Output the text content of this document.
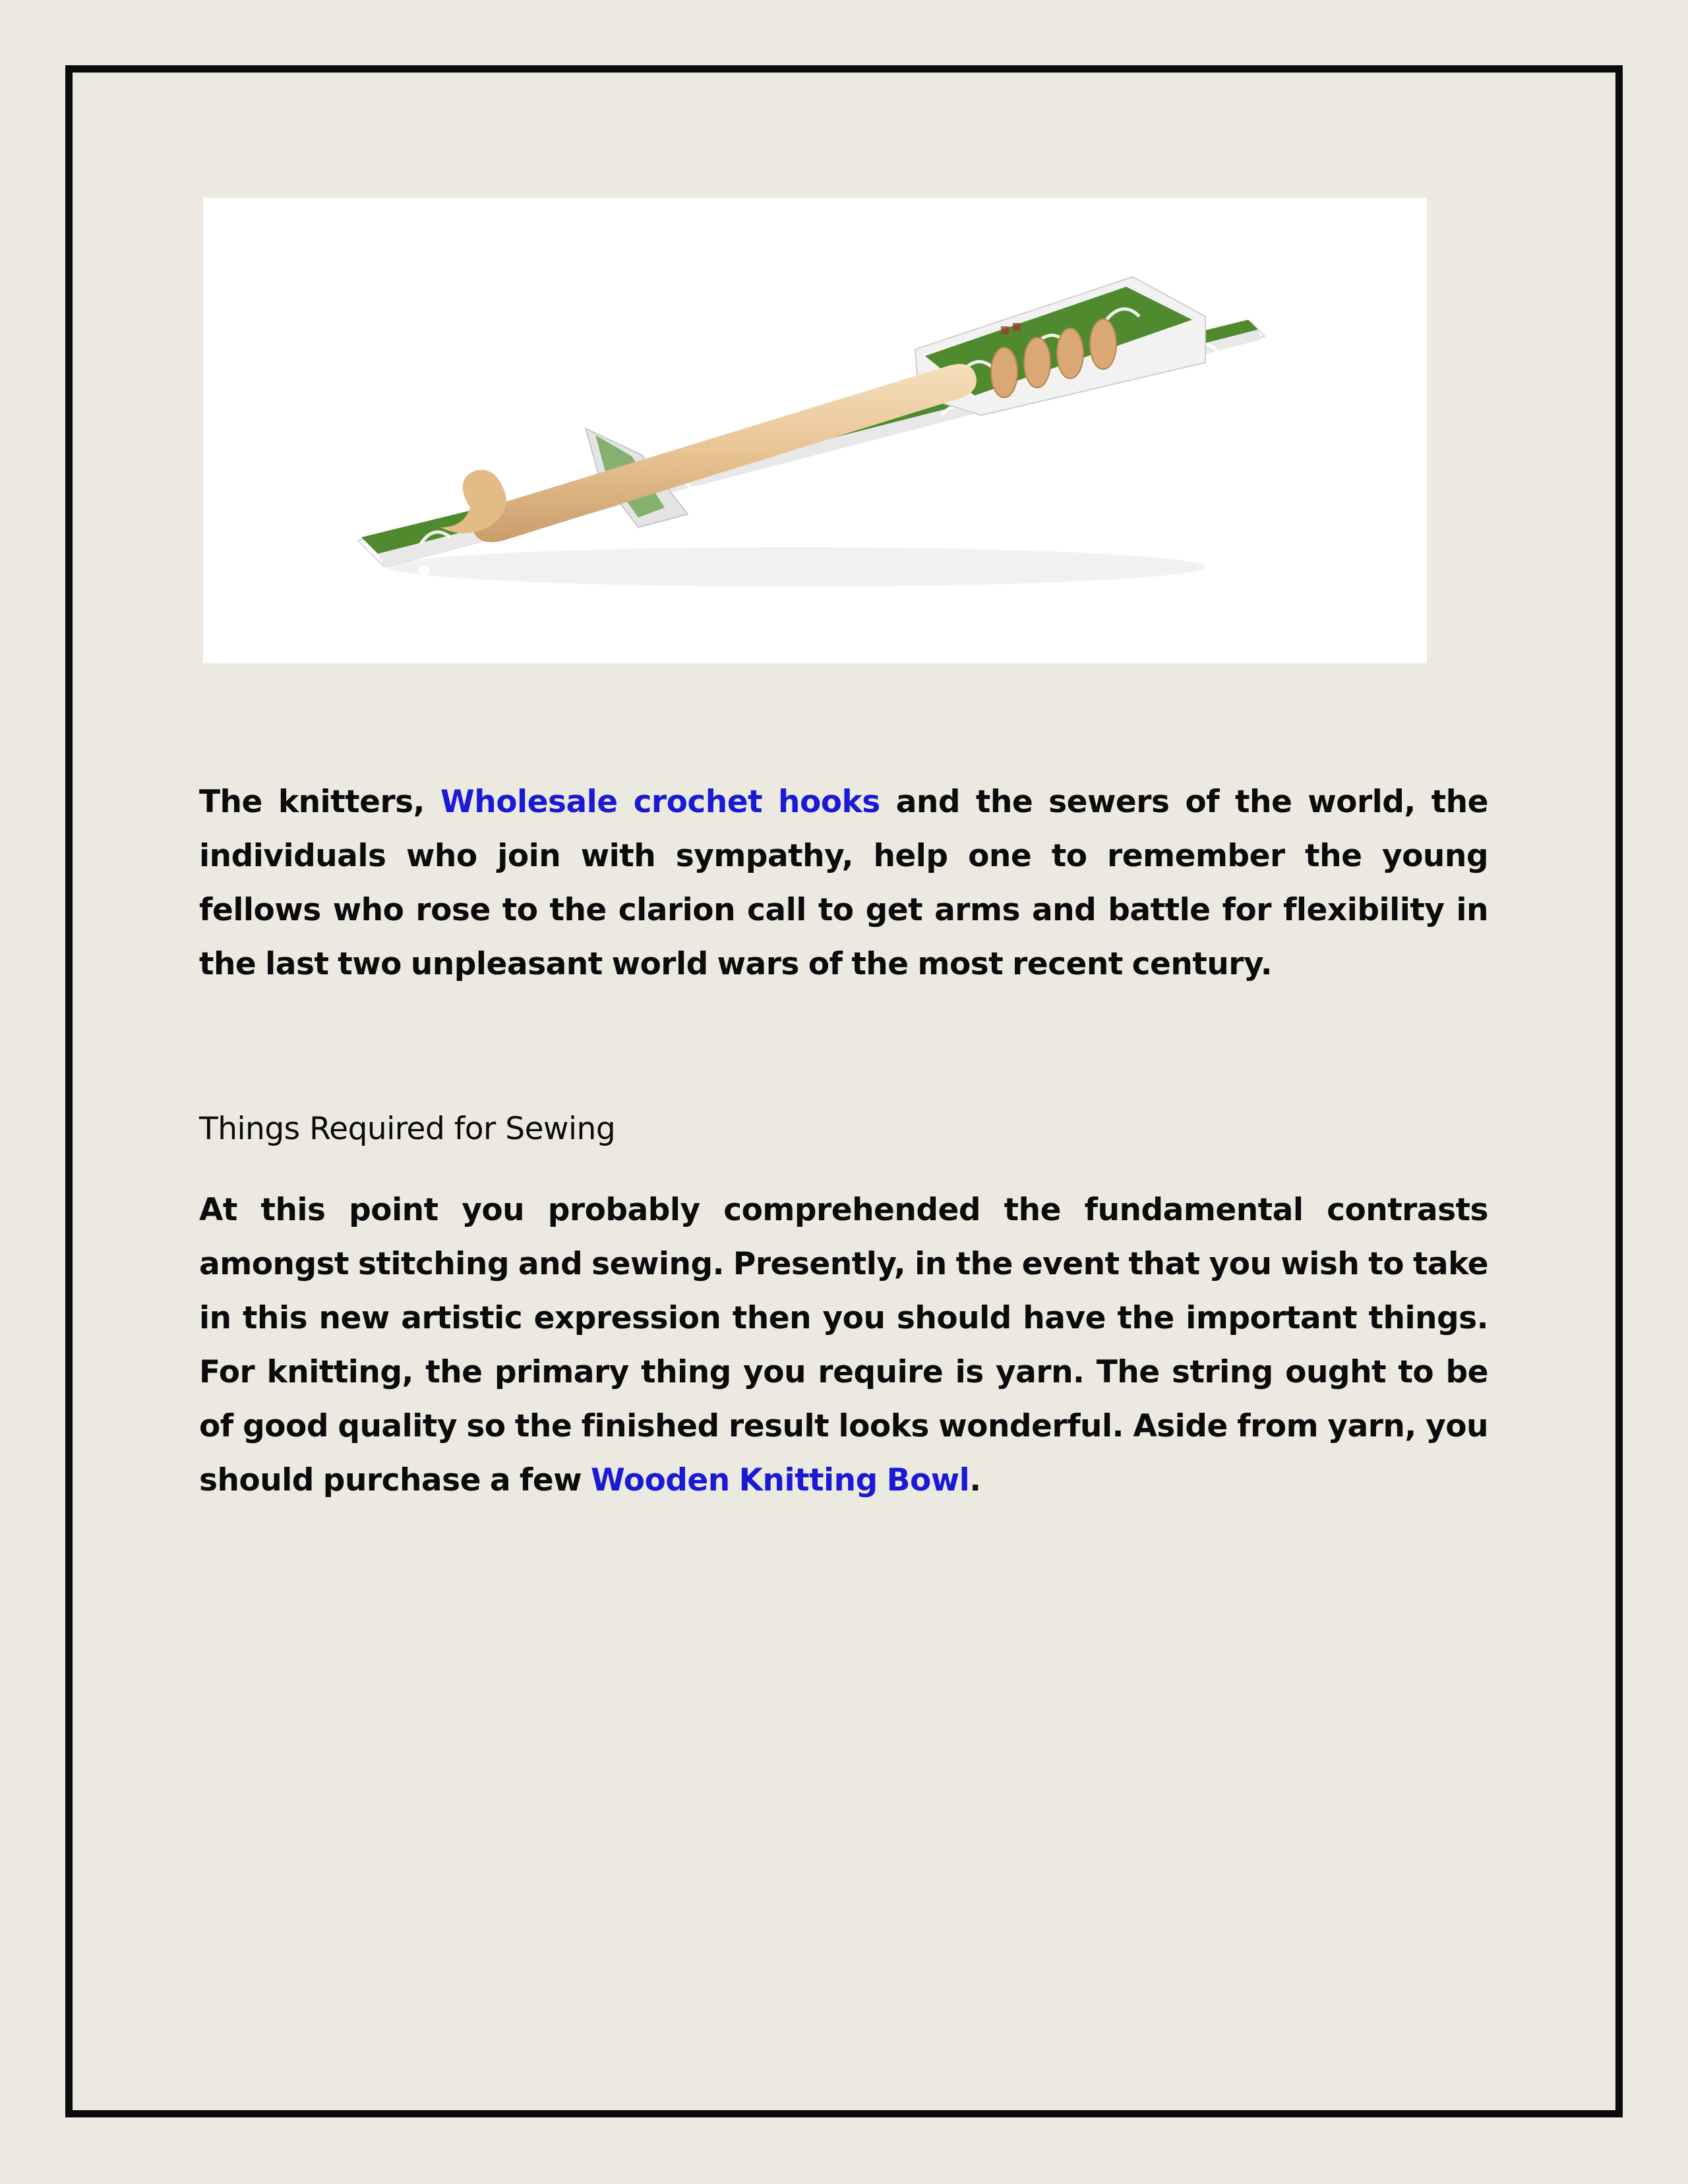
The knitters, Wholesale crochet hooks and the sewers of the world, the individuals who join with sympathy, help one to remember the young fellows who rose to the clarion call to get arms and battle for flexibility in the last two unpleasant world wars of the most recent century.

Things Required for Sewing

At this point you probably comprehended the fundamental contrasts amongst stitching and sewing. Presently, in the event that you wish to take in this new artistic expression then you should have the important things. For knitting, the primary thing you require is yarn. The string ought to be of good quality so the finished result looks wonderful. Aside from yarn, you should purchase a few Wooden Knitting Bowl.
